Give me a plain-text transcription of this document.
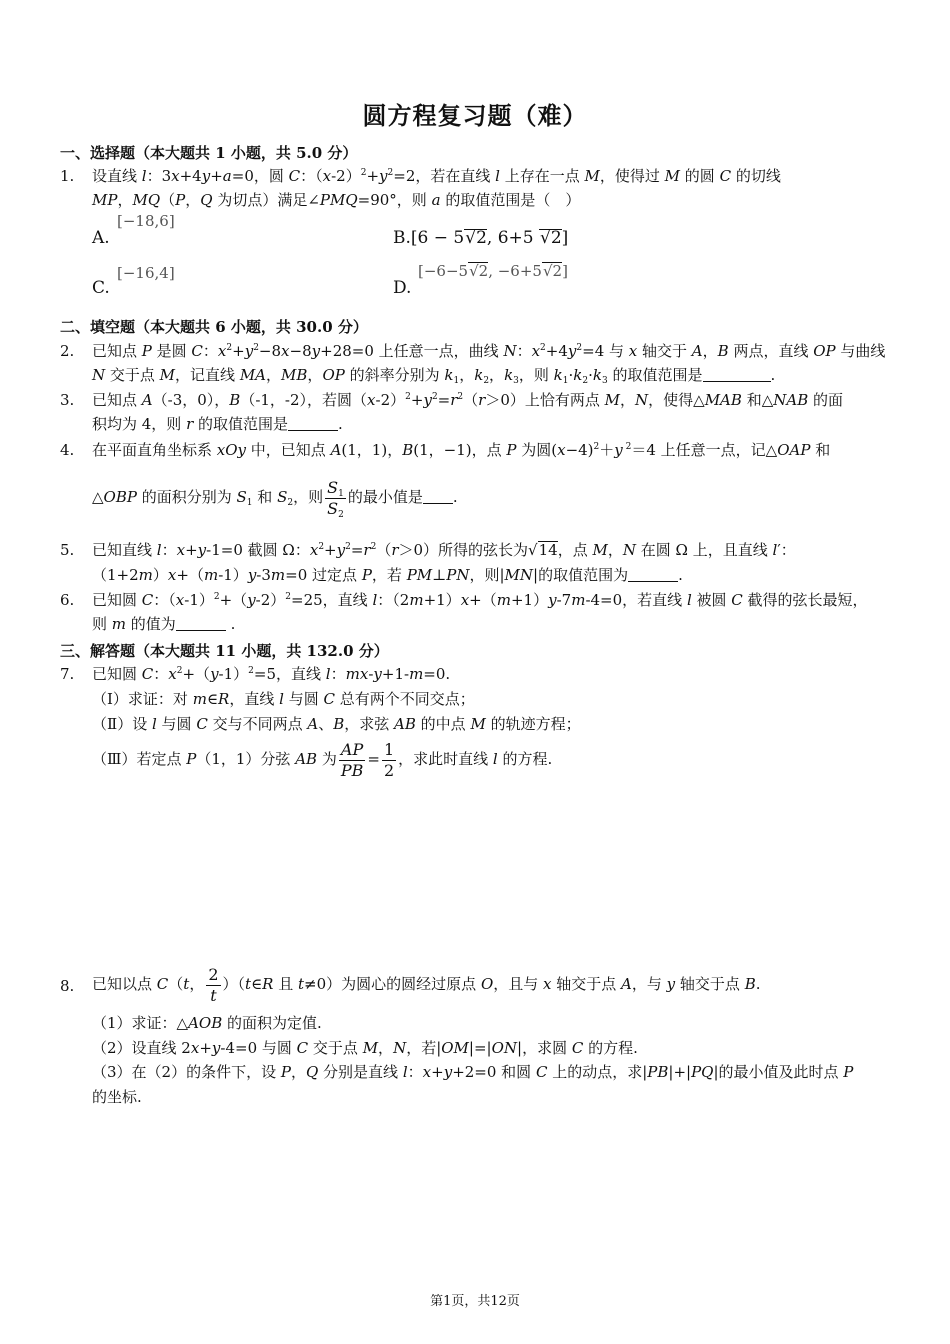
圆方程复习题（难）
一、选择题（本大题共 1 小题，共 5.0 分）
1. 设直线 l：3x+4y+a=0，圆 C：$(x-2)^2+y^2=2$，若在直线 l 上存在一点 M，使得过 M 的圆 C 的切线
MP，MQ（P，Q 为切点）满足∠PMQ=90°，则 a 的取值范围是（　）
A.
[−18,6]
B.[6 − 5√2, 6+5 √2]
C.
[−16,4]
D.
[−6−5√2, −6+5√2]
二、填空题（本大题共 6 小题，共 30.0 分）
2. 已知点 P 是圆 C：$x^2+y^2-8x-8y+28=0$ 上任意一点，曲线 N：$x^2+4y^2=4$ 与 x 轴交于 A，B 两点，直线 OP 与曲线
N 交于点 M，记直线 MA，MB，OP 的斜率分别为 $k_1$，$k_2$，$k_3$，则 $k_1\cdot k_2\cdot k_3$ 的取值范围是	.
3. 已知点 A（-3，0），B（-1，-2），若圆$(x-2)^2+y^2=r^2(r>0)$上恰有两点 M，N，使得△MAB 和△NAB 的面
积均为 4，则 r 的取值范围是	.
4. 在平面直角坐标系 xOy 中，已知点 A(1，1)，B(1，−1)，点 P 为圆$(x-4)^2+y$ $^2$＝4 上任意一点，记△OAP 和
△OBP 的面积分别为 $S_1$ 和 $S_2$，则 $\frac{S_1}{S_2}$ 的最小值是 .
5. 已知直线 l：x+y-1=0 截圆 Ω：$x^2+y^2=r^2(r>0)$所得的弦长为√14，点 M，N 在圆 Ω 上，且直线 l′：
（1+2m）x+（m-1）y-3m=0 过定点 P，若 PM⊥PN，则|MN|的取值范围为	.
6. 已知圆 C：$(x-1)^2+(y-2)^2=25$，直线 l：（2m+1）x+（m+1）y-7m-4=0，若直线 l 被圆 C 截得的弦长最短，
则 m 的值为	.
三、解答题（本大题共 11 小题，共 132.0 分）
7. 已知圆 C：$x^2+(y-1)^2=5$，直线 l：mx-y+1-m=0.
（Ⅰ）求证：对 m∈R，直线 l 与圆 C 总有两个不同交点；
（Ⅱ）设 l 与圆 C 交与不同两点 A、B，求弦 AB 的中点 M 的轨迹方程；
（Ⅲ）若定点 P（1，1）分弦 AB 为 $\frac{AP}{PB} = \frac{1}{2}$ ，求此时直线 l 的方程.
8. 已知以点 C（t， $\frac{2}{t}$ ）（t∈R 且 t≠0）为圆心的圆经过原点 O，且与 x 轴交于点 A，与 y 轴交于点 B.
（1）求证：△AOB 的面积为定值.
（2）设直线 2x+y-4=0 与圆 C 交于点 M，N，若|OM|=|ON|，求圆 C 的方程.
（3）在（2）的条件下，设 P，Q 分别是直线 l：x+y+2=0 和圆 C 上的动点，求|PB|+|PQ|的最小值及此时点 P
的坐标.
第1页，共12页
